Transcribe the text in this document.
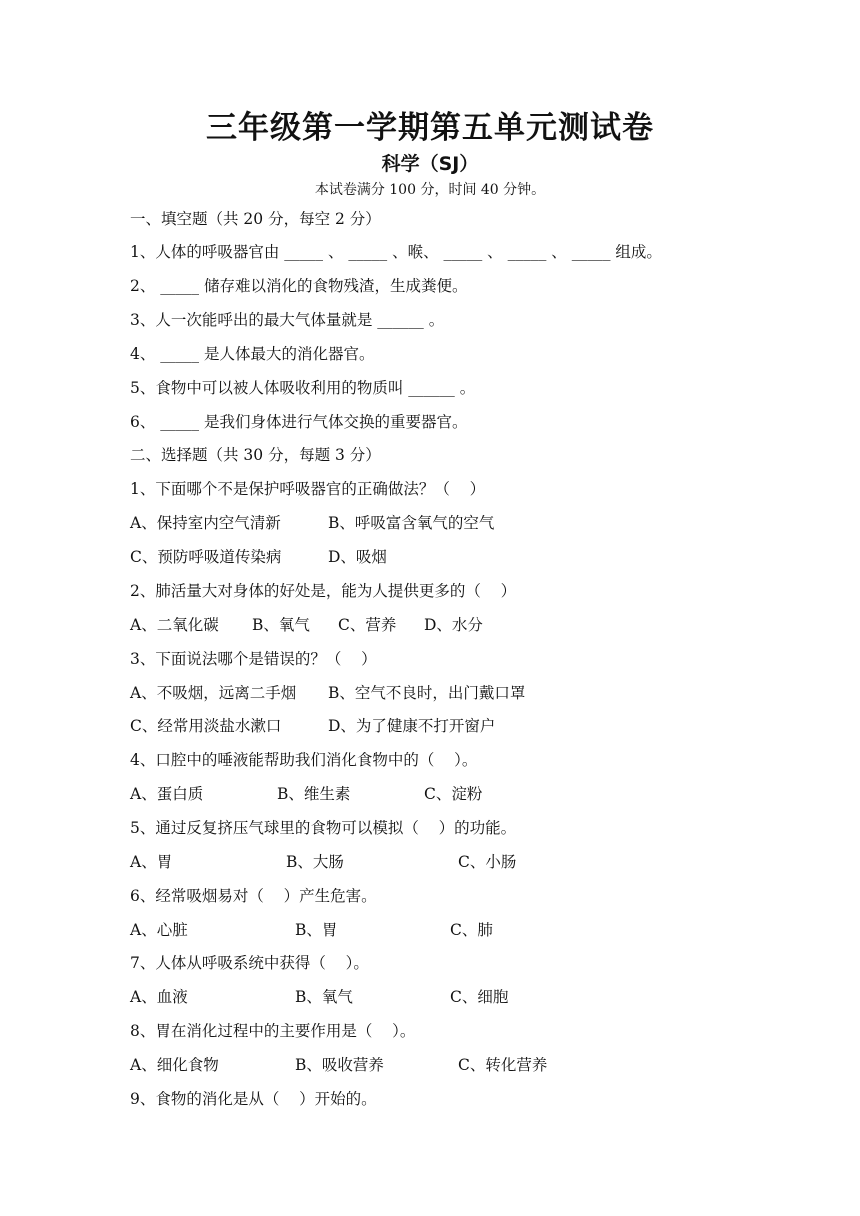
三年级第一学期第五单元测试卷
科学（SJ）
本试卷满分 100 分，时间 40 分钟。
一、填空题（共 20 分，每空 2 分）
1、人体的呼吸器官由 _____ 、 _____ 、喉、 _____ 、 _____ 、 _____ 组成。
2、 _____ 储存难以消化的食物残渣，生成粪便。
3、人一次能呼出的最大气体量就是 ______ 。
4、 _____ 是人体最大的消化器官。
5、食物中可以被人体吸收利用的物质叫 ______ 。
6、 _____ 是我们身体进行气体交换的重要器官。
二、选择题（共 30 分，每题 3 分）
1、下面哪个不是保护呼吸器官的正确做法？（    ）
A、保持室内空气清新	B、呼吸富含氧气的空气
C、预防呼吸道传染病	D、吸烟
2、肺活量大对身体的好处是，能为人提供更多的（    ）
A、二氧化碳 B、氧气 C、营养 D、水分
3、下面说法哪个是错误的？（    ）
A、不吸烟，远离二手烟 B、空气不良时，出门戴口罩
C、经常用淡盐水漱口	D、为了健康不打开窗户
4、口腔中的唾液能帮助我们消化食物中的（    ）。
A、蛋白质	B、维生素	C、淀粉
5、通过反复挤压气球里的食物可以模拟（    ）的功能。
A、胃	B、大肠	C、小肠
6、经常吸烟易对（    ）产生危害。
A、心脏	B、胃	C、肺
7、人体从呼吸系统中获得（    ）。
A、血液	B、氧气	C、细胞
8、胃在消化过程中的主要作用是（    ）。
A、细化食物	B、吸收营养	C、转化营养
9、食物的消化是从（    ）开始的。
